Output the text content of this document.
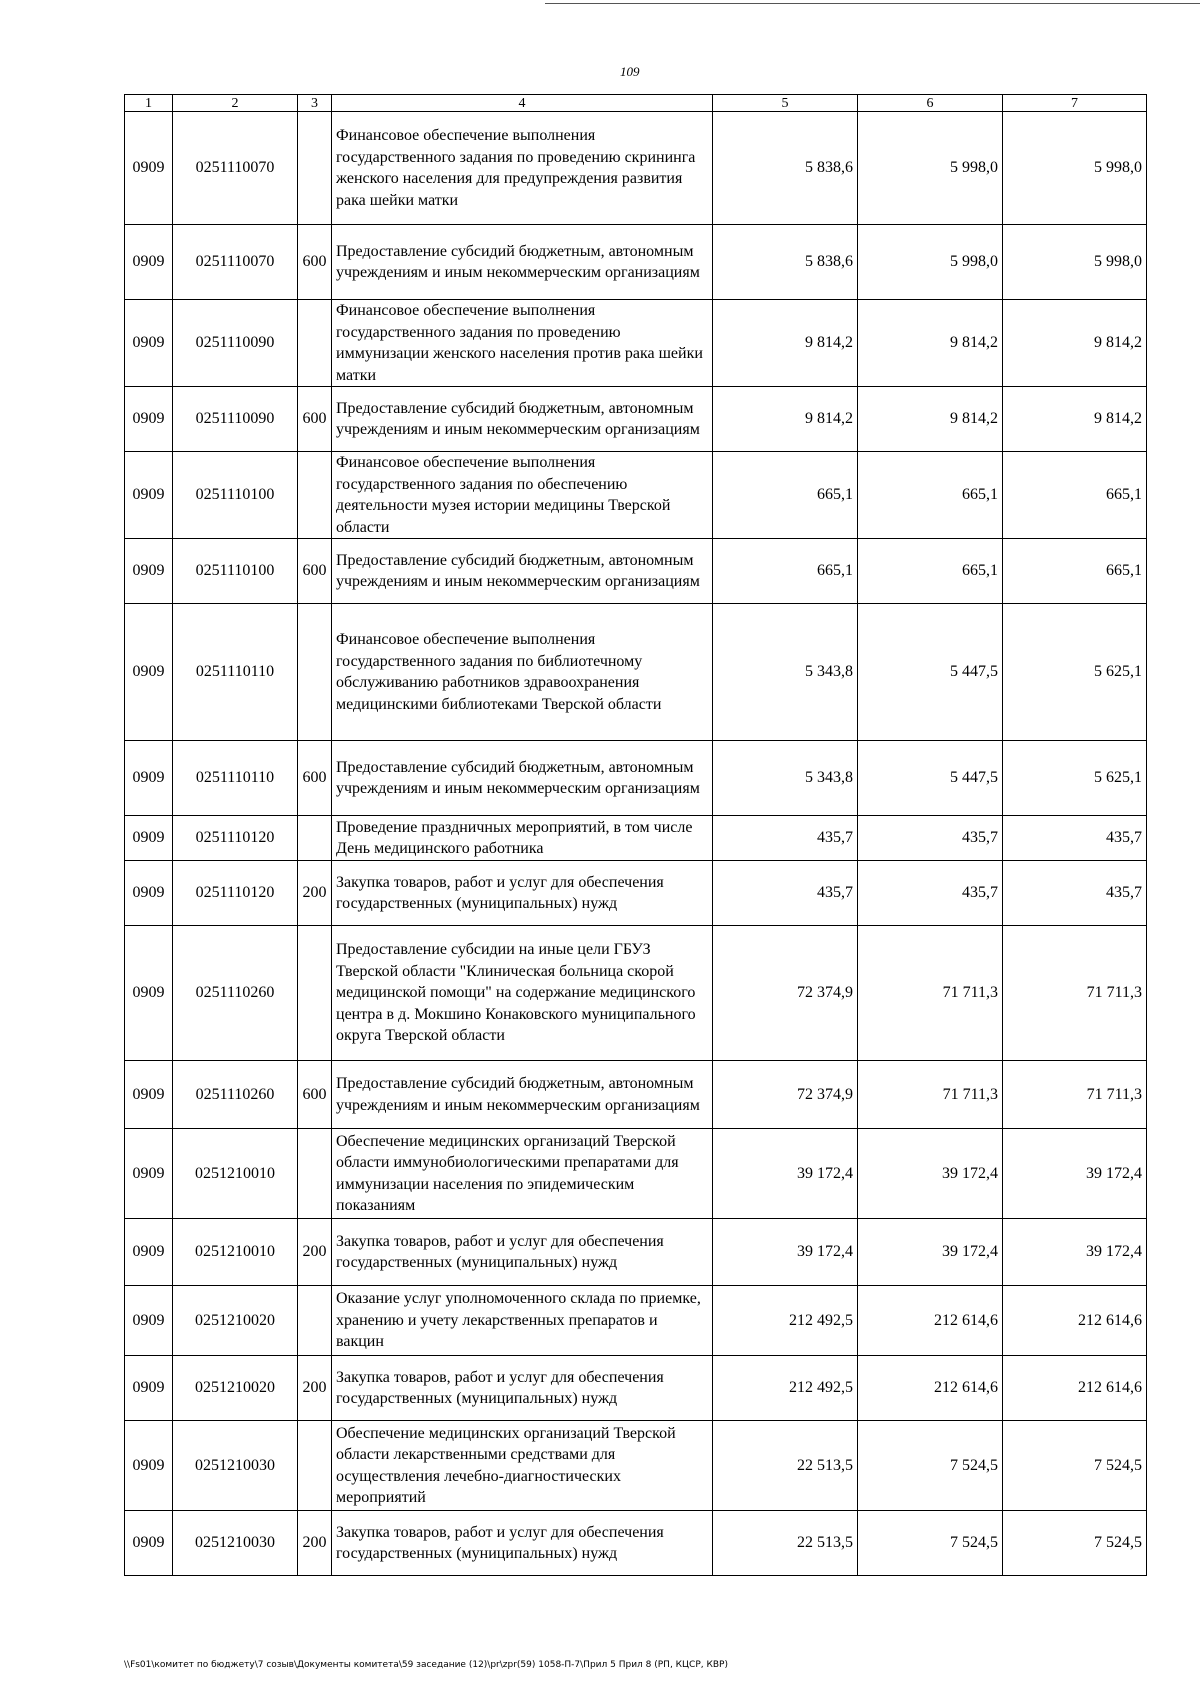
109
1	2	3	4	5	6	7
0909	0251110070		Финансовое обеспечение выполнения государственного задания по проведению скрининга женского населения для предупреждения развития рака шейки матки	5 838,6	5 998,0	5 998,0
0909	0251110070	600	Предоставление субсидий бюджетным, автономным учреждениям и иным некоммерческим организациям	5 838,6	5 998,0	5 998,0
0909	0251110090		Финансовое обеспечение выполнения государственного задания по проведению иммунизации женского населения против рака шейки матки	9 814,2	9 814,2	9 814,2
0909	0251110090	600	Предоставление субсидий бюджетным, автономным учреждениям и иным некоммерческим организациям	9 814,2	9 814,2	9 814,2
0909	0251110100		Финансовое обеспечение выполнения государственного задания по обеспечению деятельности музея истории медицины Тверской области	665,1	665,1	665,1
0909	0251110100	600	Предоставление субсидий бюджетным, автономным учреждениям и иным некоммерческим организациям	665,1	665,1	665,1
0909	0251110110		Финансовое обеспечение выполнения государственного задания по библиотечному обслуживанию работников здравоохранения медицинскими библиотеками Тверской области	5 343,8	5 447,5	5 625,1
0909	0251110110	600	Предоставление субсидий бюджетным, автономным учреждениям и иным некоммерческим организациям	5 343,8	5 447,5	5 625,1
0909	0251110120		Проведение праздничных мероприятий, в том числе День медицинского работника	435,7	435,7	435,7
0909	0251110120	200	Закупка товаров, работ и услуг для обеспечения государственных (муниципальных) нужд	435,7	435,7	435,7
0909	0251110260		Предоставление субсидии на иные цели ГБУЗ Тверской области "Клиническая больница скорой медицинской помощи" на содержание медицинского центра в д. Мокшино Конаковского муниципального округа Тверской области	72 374,9	71 711,3	71 711,3
0909	0251110260	600	Предоставление субсидий бюджетным, автономным учреждениям и иным некоммерческим организациям	72 374,9	71 711,3	71 711,3
0909	0251210010		Обеспечение медицинских организаций Тверской области иммунобиологическими препаратами для иммунизации населения по эпидемическим показаниям	39 172,4	39 172,4	39 172,4
0909	0251210010	200	Закупка товаров, работ и услуг для обеспечения государственных (муниципальных) нужд	39 172,4	39 172,4	39 172,4
0909	0251210020		Оказание услуг уполномоченного склада по приемке, хранению и учету лекарственных препаратов и вакцин	212 492,5	212 614,6	212 614,6
0909	0251210020	200	Закупка товаров, работ и услуг для обеспечения государственных (муниципальных) нужд	212 492,5	212 614,6	212 614,6
0909	0251210030		Обеспечение медицинских организаций Тверской области лекарственными средствами для осуществления лечебно-диагностических мероприятий	22 513,5	7 524,5	7 524,5
0909	0251210030	200	Закупка товаров, работ и услуг для обеспечения государственных (муниципальных) нужд	22 513,5	7 524,5	7 524,5
\\Fs01\комитет по бюджету\7 созыв\Документы комитета\59 заседание (12)\pr\zpr(59) 1058-П-7\Прил 5 Прил 8 (РП, КЦСР, КВР)
